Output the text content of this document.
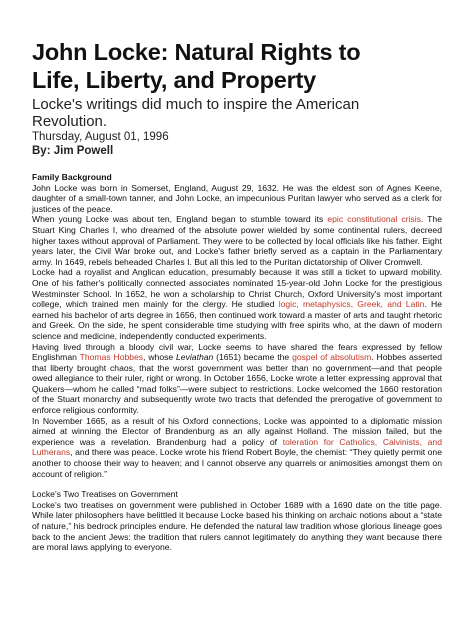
John Locke: Natural Rights to
Life, Liberty, and Property

Locke's writings did much to inspire the American
Revolution.

Thursday, August 01, 1996

By: Jim Powell

Family Background

John Locke was born in Somerset, England, August 29, 1632. He was the eldest son of Agnes Keene, daughter of a small-town tanner, and John Locke, an impecunious Puritan lawyer who served as a clerk for justices of the peace.

When young Locke was about ten, England began to stumble toward its epic constitutional crisis. The Stuart King Charles I, who dreamed of the absolute power wielded by some continental rulers, decreed higher taxes without approval of Parliament. They were to be collected by local officials like his father. Eight years later, the Civil War broke out, and Locke's father briefly served as a captain in the Parliamentary army. In 1649, rebels beheaded Charles I. But all this led to the Puritan dictatorship of Oliver Cromwell.

Locke had a royalist and Anglican education, presumably because it was still a ticket to upward mobility. One of his father's politically connected associates nominated 15-year-old John Locke for the prestigious Westminster School. In 1652, he won a scholarship to Christ Church, Oxford University's most important college, which trained men mainly for the clergy. He studied logic, metaphysics, Greek, and Latin. He earned his bachelor of arts degree in 1656, then continued work toward a master of arts and taught rhetoric and Greek. On the side, he spent considerable time studying with free spirits who, at the dawn of modern science and medicine, independently conducted experiments.

Having lived through a bloody civil war, Locke seems to have shared the fears expressed by fellow Englishman Thomas Hobbes, whose Leviathan (1651) became the gospel of absolutism. Hobbes asserted that liberty brought chaos, that the worst government was better than no government—and that people owed allegiance to their ruler, right or wrong. In October 1656, Locke wrote a letter expressing approval that Quakers—whom he called “mad folks”—were subject to restrictions. Locke welcomed the 1660 restoration of the Stuart monarchy and subsequently wrote two tracts that defended the prerogative of government to enforce religious conformity.

In November 1665, as a result of his Oxford connections, Locke was appointed to a diplomatic mission aimed at winning the Elector of Brandenburg as an ally against Holland. The mission failed, but the experience was a revelation. Brandenburg had a policy of toleration for Catholics, Calvinists, and Lutherans, and there was peace. Locke wrote his friend Robert Boyle, the chemist: “They quietly permit one another to choose their way to heaven; and I cannot observe any quarrels or animosities amongst them on account of religion.”

Locke’s Two Treatises on Government

Locke’s two treatises on government were published in October 1689 with a 1690 date on the title page. While later philosophers have belittled it because Locke based his thinking on archaic notions about a “state of nature,” his bedrock principles endure. He defended the natural law tradition whose glorious lineage goes back to the ancient Jews: the tradition that rulers cannot legitimately do anything they want because there are moral laws applying to everyone.
